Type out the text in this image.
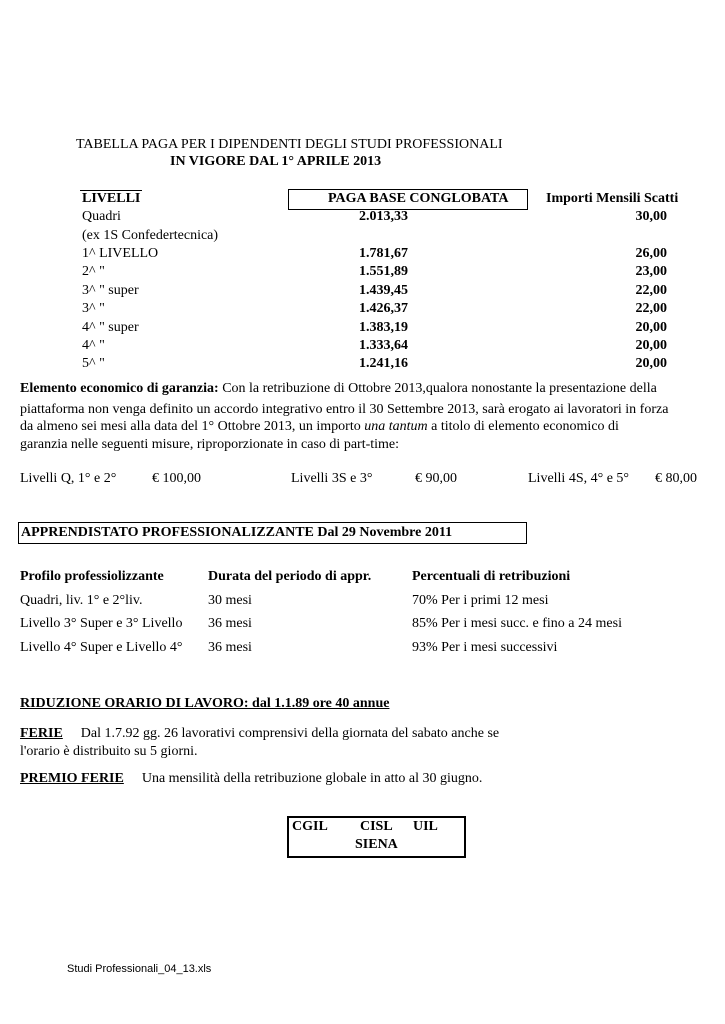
TABELLA PAGA PER I DIPENDENTI DEGLI STUDI PROFESSIONALI
IN VIGORE DAL 1° APRILE 2013
LIVELLI	PAGA BASE CONGLOBATA	Importi Mensili Scatti
Quadri	2.013,33	30,00
(ex 1S Confedertecnica)
1^ LIVELLO	1.781,67	26,00
2^ "	1.551,89	23,00
3^ " super	1.439,45	22,00
3^ "	1.426,37	22,00
4^ " super	1.383,19	20,00
4^ "	1.333,64	20,00
5^ "	1.241,16	20,00
Elemento economico di garanzia: Con la retribuzione di Ottobre 2013,qualora nonostante la presentazione della
piattaforma non venga definito un accordo integrativo entro il 30 Settembre 2013, sarà erogato ai lavoratori in forza
da almeno sei mesi alla data del 1° Ottobre 2013, un importo una tantum a titolo di elemento economico di
garanzia nelle seguenti misure, riproporzionate in caso di part-time:
Livelli Q, 1° e 2°	€ 100,00	Livelli 3S e 3°	€ 90,00	Livelli 4S, 4° e 5° € 80,00
APPRENDISTATO PROFESSIONALIZZANTE Dal 29 Novembre 2011
Profilo professiolizzante	Durata del periodo di appr.	Percentuali di retribuzioni
Quadri, liv. 1° e 2°liv.	30 mesi	70% Per i primi 12 mesi
Livello 3° Super e 3° Livello 36 mesi	85% Per i mesi succ. e fino a 24 mesi
Livello 4° Super e Livello 4° 36 mesi	93% Per i mesi successivi
RIDUZIONE ORARIO DI LAVORO: dal 1.1.89 ore 40 annue
FERIE Dal 1.7.92 gg. 26 lavorativi comprensivi della giornata del sabato anche se
l'orario è distribuito su 5 giorni.
PREMIO FERIE Una mensilità della retribuzione globale in atto al 30 giugno.
CGIL CISL UIL
SIENA
Studi Professionali_04_13.xls
